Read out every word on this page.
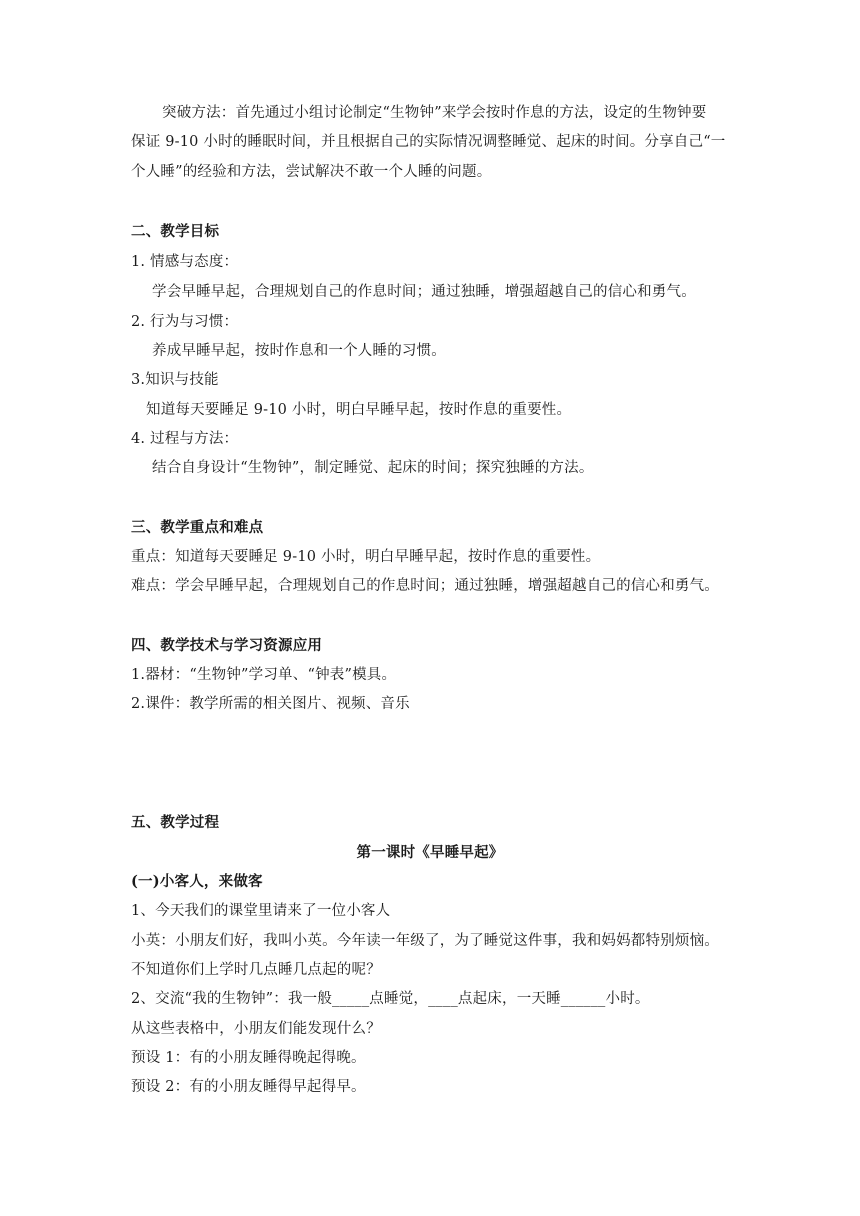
突破方法：首先通过小组讨论制定“生物钟”来学会按时作息的方法，设定的生物钟要
保证 9-10 小时的睡眠时间，并且根据自己的实际情况调整睡觉、起床的时间。分享自己“一
个人睡”的经验和方法，尝试解决不敢一个人睡的问题。
二、教学目标
1. 情感与态度：
学会早睡早起，合理规划自己的作息时间；通过独睡，增强超越自己的信心和勇气。
2. 行为与习惯：
养成早睡早起，按时作息和一个人睡的习惯。
3.知识与技能
知道每天要睡足 9-10 小时，明白早睡早起，按时作息的重要性。
4. 过程与方法：
结合自身设计“生物钟”，制定睡觉、起床的时间；探究独睡的方法。
三、教学重点和难点
重点：知道每天要睡足 9-10 小时，明白早睡早起，按时作息的重要性。
难点：学会早睡早起，合理规划自己的作息时间；通过独睡，增强超越自己的信心和勇气。
四、教学技术与学习资源应用
1.器材：“生物钟”学习单、“钟表”模具。
2.课件：教学所需的相关图片、视频、音乐
五、教学过程
第一课时《早睡早起》
(一)小客人，来做客
1、今天我们的课堂里请来了一位小客人
小英：小朋友们好，我叫小英。今年读一年级了，为了睡觉这件事，我和妈妈都特别烦恼。
不知道你们上学时几点睡几点起的呢？
2、交流“我的生物钟”：我一般_____点睡觉，____点起床，一天睡______小时。
从这些表格中，小朋友们能发现什么？
预设 1：有的小朋友睡得晚起得晚。
预设 2：有的小朋友睡得早起得早。
